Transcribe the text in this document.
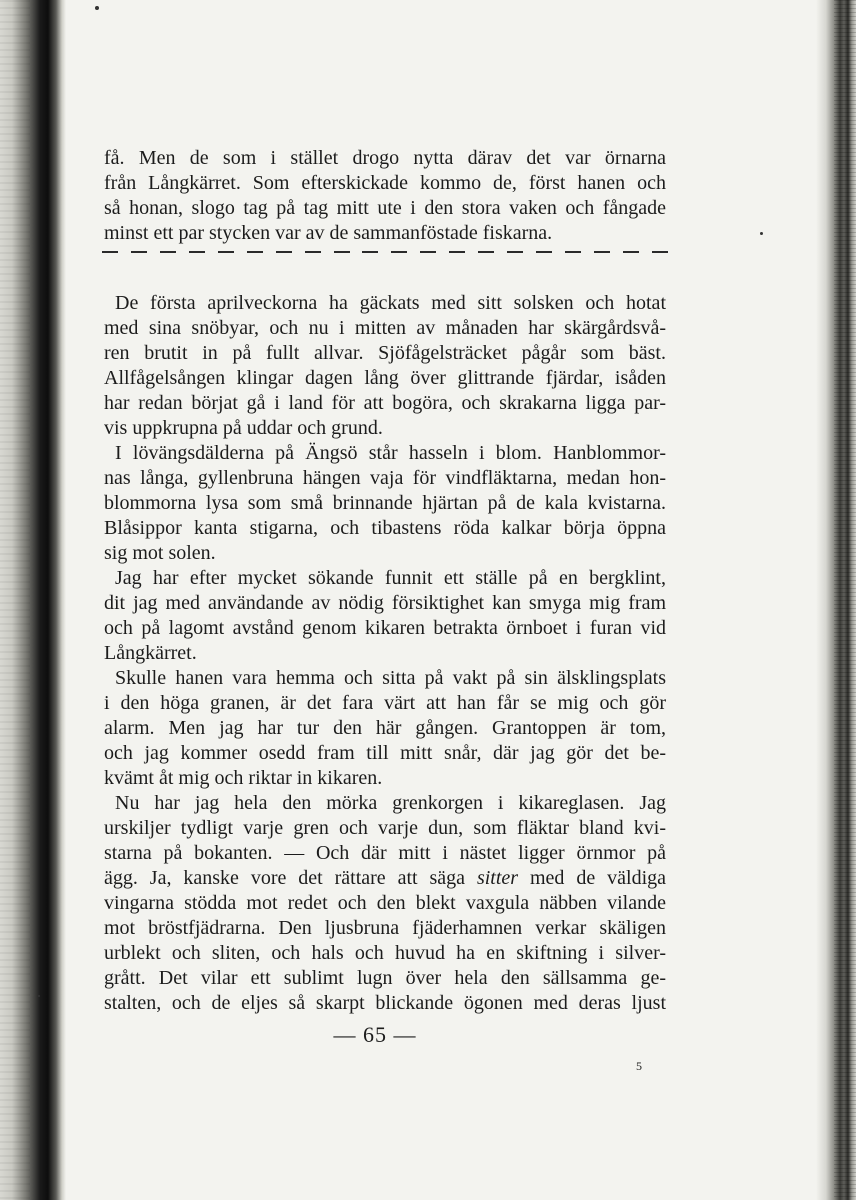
få. Men de som i stället drogo nytta därav det var örnarna
från Långkärret. Som efterskickade kommo de, först hanen och
så honan, slogo tag på tag mitt ute i den stora vaken och fångade
minst ett par stycken var av de sammanföstade fiskarna.
De första aprilveckorna ha gäckats med sitt solsken och hotat
med sina snöbyar, och nu i mitten av månaden har skärgårdsvå-
ren brutit in på fullt allvar. Sjöfågelsträcket pågår som bäst.
Allfågelsången klingar dagen lång över glittrande fjärdar, isåden
har redan börjat gå i land för att bogöra, och skrakarna ligga par-
vis uppkrupna på uddar och grund.
I lövängsdälderna på Ängsö står hasseln i blom. Hanblommor-
nas långa, gyllenbruna hängen vaja för vindfläktarna, medan hon-
blommorna lysa som små brinnande hjärtan på de kala kvistarna.
Blåsippor kanta stigarna, och tibastens röda kalkar börja öppna
sig mot solen.
Jag har efter mycket sökande funnit ett ställe på en bergklint,
dit jag med användande av nödig försiktighet kan smyga mig fram
och på lagomt avstånd genom kikaren betrakta örnboet i furan vid
Långkärret.
Skulle hanen vara hemma och sitta på vakt på sin älsklingsplats
i den höga granen, är det fara värt att han får se mig och gör
alarm. Men jag har tur den här gången. Grantoppen är tom,
och jag kommer osedd fram till mitt snår, där jag gör det be-
kvämt åt mig och riktar in kikaren.
Nu har jag hela den mörka grenkorgen i kikareglasen. Jag
urskiljer tydligt varje gren och varje dun, som fläktar bland kvi-
starna på bokanten. — Och där mitt i nästet ligger örnmor på
ägg. Ja, kanske vore det rättare att säga sitter med de väldiga
vingarna stödda mot redet och den blekt vaxgula näbben vilande
mot bröstfjädrarna. Den ljusbruna fjäderhamnen verkar skäligen
urblekt och sliten, och hals och huvud ha en skiftning i silver-
grått. Det vilar ett sublimt lugn över hela den sällsamma ge-
stalten, och de eljes så skarpt blickande ögonen med deras ljust
— 65 —
5
